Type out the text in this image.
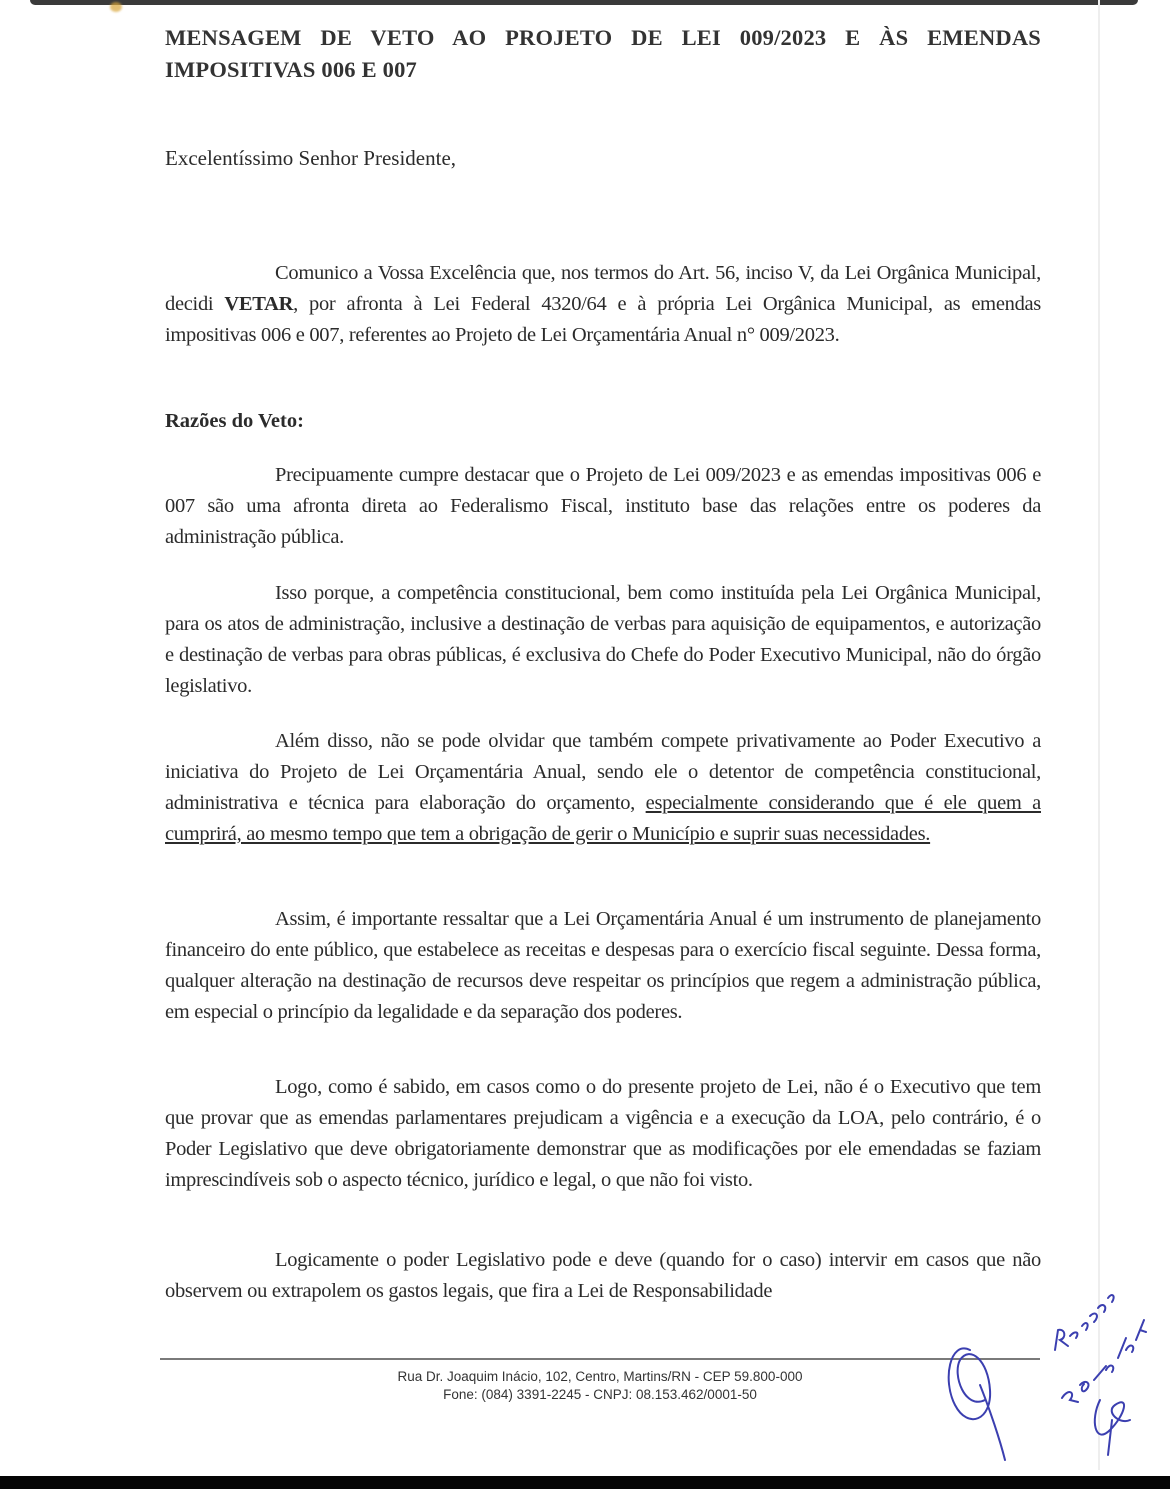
MENSAGEM DE VETO AO PROJETO DE LEI 009/2023 E ÀS EMENDAS IMPOSITIVAS 006 E 007
Excelentíssimo Senhor Presidente,

Comunico a Vossa Excelência que, nos termos do Art. 56, inciso V, da Lei Orgânica Municipal, decidi VETAR, por afronta à Lei Federal 4320/64 e à própria Lei Orgânica Municipal, as emendas impositivas 006 e 007, referentes ao Projeto de Lei Orçamentária Anual n° 009/2023.

Razões do Veto:

Precipuamente cumpre destacar que o Projeto de Lei 009/2023 e as emendas impositivas 006 e 007 são uma afronta direta ao Federalismo Fiscal, instituto base das relações entre os poderes da administração pública.

Isso porque, a competência constitucional, bem como instituída pela Lei Orgânica Municipal, para os atos de administração, inclusive a destinação de verbas para aquisição de equipamentos, e autorização e destinação de verbas para obras públicas, é exclusiva do Chefe do Poder Executivo Municipal, não do órgão legislativo.

Além disso, não se pode olvidar que também compete privativamente ao Poder Executivo a iniciativa do Projeto de Lei Orçamentária Anual, sendo ele o detentor de competência constitucional, administrativa e técnica para elaboração do orçamento, especialmente considerando que é ele quem a cumprirá, ao mesmo tempo que tem a obrigação de gerir o Município e suprir suas necessidades.

Assim, é importante ressaltar que a Lei Orçamentária Anual é um instrumento de planejamento financeiro do ente público, que estabelece as receitas e despesas para o exercício fiscal seguinte. Dessa forma, qualquer alteração na destinação de recursos deve respeitar os princípios que regem a administração pública, em especial o princípio da legalidade e da separação dos poderes.

Logo, como é sabido, em casos como o do presente projeto de Lei, não é o Executivo que tem que provar que as emendas parlamentares prejudicam a vigência e a execução da LOA, pelo contrário, é o Poder Legislativo que deve obrigatoriamente demonstrar que as modificações por ele emendadas se faziam imprescindíveis sob o aspecto técnico, jurídico e legal, o que não foi visto.

Logicamente o poder Legislativo pode e deve (quando for o caso) intervir em casos que não observem ou extrapolem os gastos legais, que fira a Lei de Responsabilidade

Rua Dr. Joaquim Inácio, 102, Centro, Martins/RN - CEP 59.800-000
Fone: (084) 3391-2245 - CNPJ: 08.153.462/0001-50
